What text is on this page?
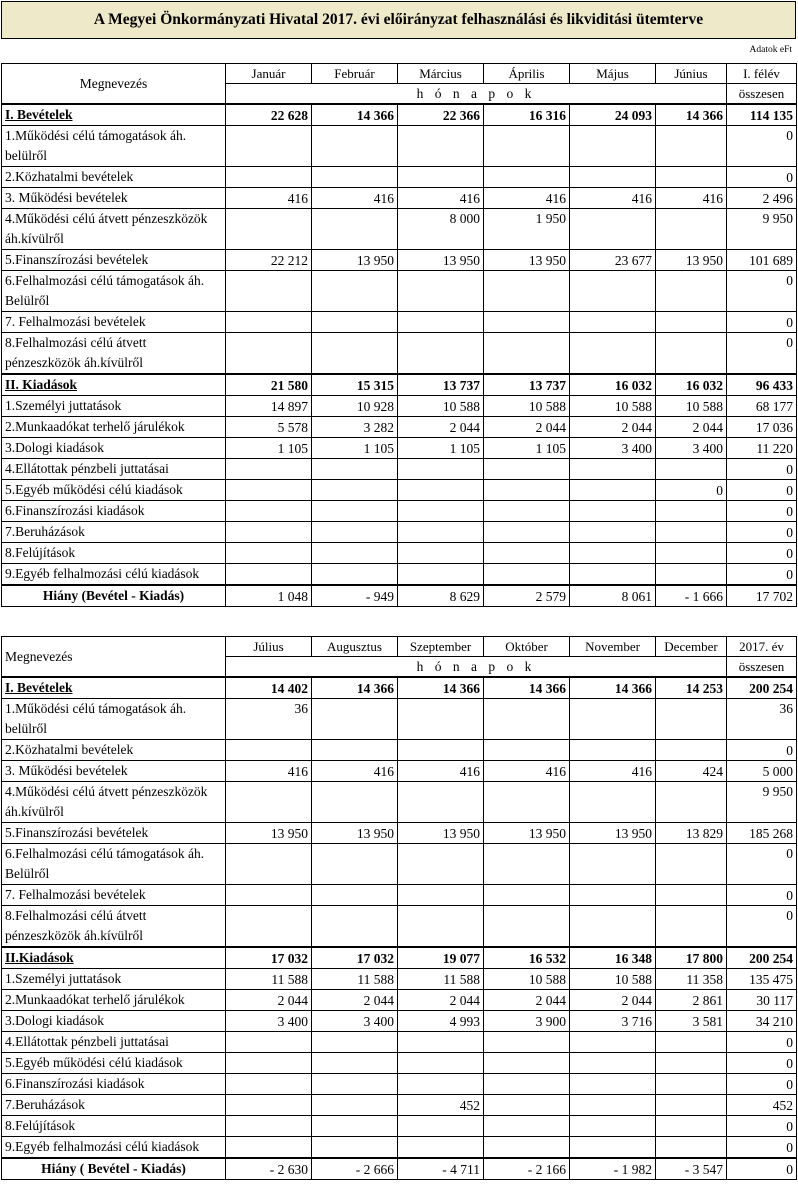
A Megyei Önkormányzati Hivatal 2017. évi előirányzat felhasználási és likviditási ütemterve
Adatok eFt
Megnevezés	Január	Február	Március	Április	Május	Június	I. félév
	h ó n a p o k						összesen
I. Bevételek	22 628	14 366	22 366	16 316	24 093	14 366	114 135
1.Működési célú támogatások áh. belülről							0
2.Közhatalmi bevételek							0
3. Működési bevételek	416	416	416	416	416	416	2 496
4.Működési célú átvett pénzeszközök áh.kívülről			8 000	1 950			9 950
5.Finanszírozási bevételek	22 212	13 950	13 950	13 950	23 677	13 950	101 689
6.Felhalmozási célú támogatások áh. Belülről							0
7. Felhalmozási bevételek							0
8.Felhalmozási célú átvett pénzeszközök áh.kívülről							0
II. Kiadások	21 580	15 315	13 737	13 737	16 032	16 032	96 433
1.Személyi juttatások	14 897	10 928	10 588	10 588	10 588	10 588	68 177
2.Munkaadókat terhelő járulékok	5 578	3 282	2 044	2 044	2 044	2 044	17 036
3.Dologi kiadások	1 105	1 105	1 105	1 105	3 400	3 400	11 220
4.Ellátottak pénzbeli juttatásai							0
5.Egyéb működési célú kiadások						0	0
6.Finanszírozási kiadások							0
7.Beruházások							0
8.Felújítások							0
9.Egyéb felhalmozási célú kiadások							0
Hiány (Bevétel - Kiadás)	1 048	- 949	8 629	2 579	8 061	- 1 666	17 702
Megnevezés	Július	Augusztus	Szeptember	Október	November	December	2017. év
	h ó n a p o k						összesen
I. Bevételek	14 402	14 366	14 366	14 366	14 366	14 253	200 254
1.Működési célú támogatások áh. belülről	36						36
2.Közhatalmi bevételek							0
3. Működési bevételek	416	416	416	416	416	424	5 000
4.Működési célú átvett pénzeszközök áh.kívülről							9 950
5.Finanszírozási bevételek	13 950	13 950	13 950	13 950	13 950	13 829	185 268
6.Felhalmozási célú támogatások áh. Belülről							0
7. Felhalmozási bevételek							0
8.Felhalmozási célú átvett pénzeszközök áh.kívülről							0
II.Kiadások	17 032	17 032	19 077	16 532	16 348	17 800	200 254
1.Személyi juttatások	11 588	11 588	11 588	10 588	10 588	11 358	135 475
2.Munkaadókat terhelő járulékok	2 044	2 044	2 044	2 044	2 044	2 861	30 117
3.Dologi kiadások	3 400	3 400	4 993	3 900	3 716	3 581	34 210
4.Ellátottak pénzbeli juttatásai							0
5.Egyéb működési célú kiadások							0
6.Finanszírozási kiadások							0
7.Beruházások			452				452
8.Felújítások							0
9.Egyéb felhalmozási célú kiadások							0
Hiány ( Bevétel - Kiadás)	- 2 630	- 2 666	- 4 711	- 2 166	- 1 982	- 3 547	0
